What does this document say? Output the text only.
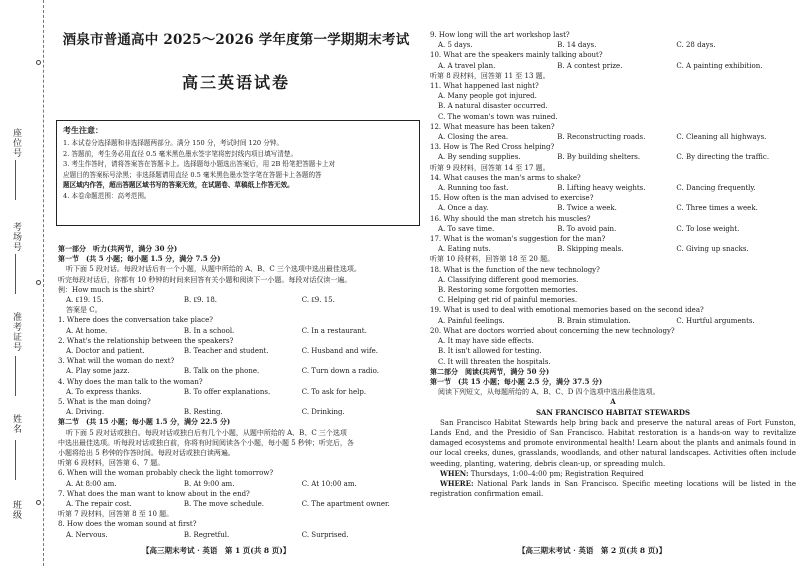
座位号
考场号
准考证号
姓名
班级
酒泉市普通高中 2025～2026 学年度第一学期期末考试
高三英语试卷
考生注意：
1. 本试卷分选择题和非选择题两部分。满分 150 分，考试时间 120 分钟。
2. 答题前，考生务必用直径 0.5 毫米黑色墨水签字笔将密封线内项目填写清楚。
3. 考生作答时，请将答案答在答题卡上。选择题每小题选出答案后，用 2B 铅笔把答题卡上对
应题目的答案标号涂黑；非选择题请用直径 0.5 毫米黑色墨水签字笔在答题卡上各题的答
题区域内作答，超出答题区域书写的答案无效，在试题卷、草稿纸上作答无效。
4. 本卷命题范围：高考范围。
第一部分　听力(共两节，满分 30 分)
第一节　(共 5 小题；每小题 1.5 分，满分 7.5 分)
听下面 5 段对话。每段对话后有一个小题，从题中所给的 A、B、C 三个选项中选出最佳选项。
听完每段对话后，你都有 10 秒钟的时间来回答有关小题和阅读下一小题。每段对话仅读一遍。
例：How much is the shirt?
A. ₤19. 15.	B. ₤9. 18.	C. ₤9. 15.
答案是 C。
1. Where does the conversation take place?
A. At home.	B. In a school.	C. In a restaurant.
2. What's the relationship between the speakers?
A. Doctor and patient.	B. Teacher and student.	C. Husband and wife.
3. What will the woman do next?
A. Play some jazz.	B. Talk on the phone.	C. Turn down a radio.
4. Why does the man talk to the woman?
A. To express thanks.	B. To offer explanations.	C. To ask for help.
5. What is the man doing?
A. Driving.	B. Resting.	C. Drinking.
第二节　(共 15 小题；每小题 1.5 分，满分 22.5 分)
听下面 5 段对话或独白。每段对话或独白后有几个小题，从题中所给的 A、B、C 三个选项
中选出最佳选项。听每段对话或独白前，你将有时间阅读各个小题，每小题 5 秒钟；听完后，各
小题将给出 5 秒钟的作答时间。每段对话或独白读两遍。
听第 6 段材料，回答第 6、7 题。
6. When will the woman probably check the light tomorrow?
A. At 8:00 am.	B. At 9:00 am.	C. At 10:00 am.
7. What does the man want to know about in the end?
A. The repair cost.	B. The move schedule.	C. The apartment owner.
听第 7 段材料，回答第 8 至 10 题。
8. How does the woman sound at first?
A. Nervous.	B. Regretful.	C. Surprised.
【高三期末考试 · 英语　第 1 页(共 8 页)】
9. How long will the art workshop last?
A. 5 days.	B. 14 days.	C. 28 days.
10. What are the speakers mainly talking about?
A. A travel plan.	B. A contest prize.	C. A painting exhibition.
听第 8 段材料，回答第 11 至 13 题。
11. What happened last night?
A. Many people got injured.
B. A natural disaster occurred.
C. The woman's town was ruined.
12. What measure has been taken?
A. Closing the area.	B. Reconstructing roads.	C. Cleaning all highways.
13. How is The Red Cross helping?
A. By sending supplies.	B. By building shelters.	C. By directing the traffic.
听第 9 段材料，回答第 14 至 17 题。
14. What causes the man's arms to shake?
A. Running too fast.	B. Lifting heavy weights.	C. Dancing frequently.
15. How often is the man advised to exercise?
A. Once a day.	B. Twice a week.	C. Three times a week.
16. Why should the man stretch his muscles?
A. To save time.	B. To avoid pain.	C. To lose weight.
17. What is the woman's suggestion for the man?
A. Eating nuts.	B. Skipping meals.	C. Giving up snacks.
听第 10 段材料，回答第 18 至 20 题。
18. What is the function of the new technology?
A. Classifying different good memories.
B. Restoring some forgotten memories.
C. Helping get rid of painful memories.
19. What is used to deal with emotional memories based on the second idea?
A. Painful feelings.	B. Brain stimulation.	C. Hurtful arguments.
20. What are doctors worried about concerning the new technology?
A. It may have side effects.
B. It isn't allowed for testing.
C. It will threaten the hospitals.
第二部分　阅读(共两节，满分 50 分)
第一节　(共 15 小题；每小题 2.5 分，满分 37.5 分)
阅读下列短文，从每题所给的 A、B、C、D 四个选项中选出最佳选项。
A
SAN FRANCISCO HABITAT STEWARDS
San Francisco Habitat Stewards help bring back and preserve the natural areas of Fort Funston, Lands End, and the Presidio of San Francisco. Habitat restoration is a hands-on way to revitalize damaged ecosystems and promote environmental health! Learn about the plants and animals found in our local creeks, dunes, grasslands, woodlands, and other natural landscapes. Activities often include weeding, planting, watering, debris clean-up, or spreading mulch.
WHEN: Thursdays, 1:00–4:00 pm; Registration Required
WHERE: National Park lands in San Francisco. Specific meeting locations will be listed in the registration confirmation email.
【高三期末考试 · 英语　第 2 页(共 8 页)】
